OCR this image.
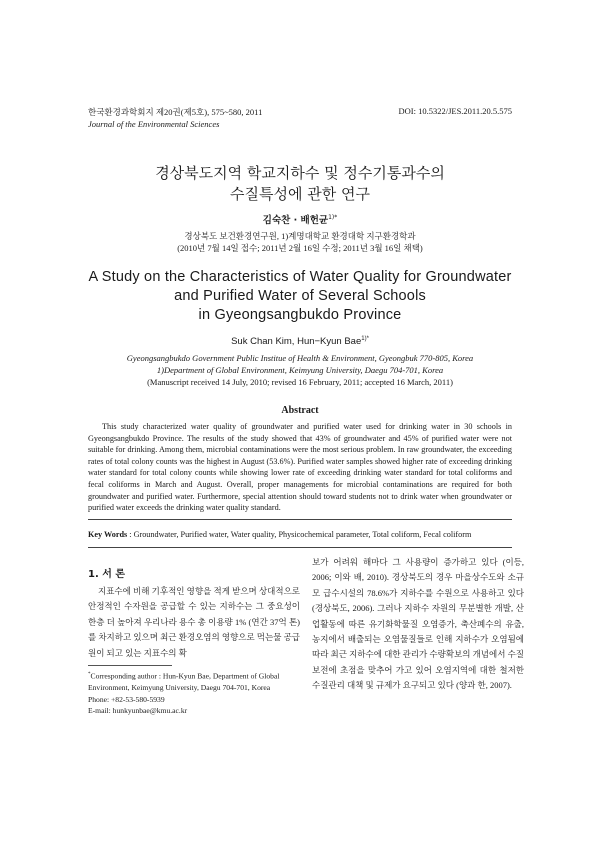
한국환경과학회지 제20권(제5호), 575~580, 2011
Journal of the Environmental Sciences
DOI: 10.5322/JES.2011.20.5.575
경상북도지역 학교지하수 및 정수기통과수의
수질특성에 관한 연구
김숙찬 · 배헌균$^{1)*}$
경상북도 보건환경연구원, 1)계명대학교 환경대학 지구환경학과
(2010년 7월 14일 접수; 2011년 2월 16일 수정; 2011년 3월 16일 채택)
A Study on the Characteristics of Water Quality for Groundwater
and Purified Water of Several Schools
in Gyeongsangbukdo Province
Suk Chan Kim, Hun−Kyun Bae$^{1)*}$
Gyeongsangbukdo Government Public Institue of Health & Environment, Gyeongbuk 770-805, Korea
1)Department of Global Environment, Keimyung University, Daegu 704-701, Korea
(Manuscript received 14 July, 2010; revised 16 February, 2011; accepted 16 March, 2011)
Abstract
This study characterized water quality of groundwater and purified water used for drinking water in 30 schools in Gyeongsangbukdo Province. The results of the study showed that 43% of groundwater and 45% of purified water were not suitable for drinking. Among them, microbial contaminations were the most serious problem. In raw groundwater, the exceeding rates of total colony counts was the highest in August (53.6%). Purified water samples showed higher rate of exceeding drinking water standard for total colony counts while showing lower rate of exceeding drinking water standard for total coliforms and fecal coliforms in March and August. Overall, proper managements for microbial contaminations are required for both groundwater and purified water. Furthermore, special attention should toward students not to drink water when groundwater or purified water exceeds the drinking water quality standard.
Key Words : Groundwater, Purified water, Water quality, Physicochemical parameter, Total coliform, Fecal coliform
1. 서 론
지표수에 비해 기후적인 영향을 적게 받으며 상대적으로 안정적인 수자원을 공급할 수 있는 지하수는 그 중요성이 한층 더 높아져 우리나라 용수 총 이용량 1% (연간 37억 톤)를 차지하고 있으며 최근 환경오염의 영향으로 먹는물 공급원이 되고 있는 지표수의 확
보가 어려워 해마다 그 사용량이 증가하고 있다 (이등, 2006; 이와 배, 2010). 경상북도의 경우 마을상수도와 소규모 급수시설의 78.6%가 지하수를 수원으로 사용하고 있다 (경상북도, 2006). 그러나 지하수 자원의 무분별한 개발, 산업활동에 따른 유기화학물질 오염증가, 축산폐수의 유출, 농지에서 배출되는 오염물질들로 인해 지하수가 오염됨에 따라 최근 지하수에 대한 관리가 수량확보의 개념에서 수질보전에 초점을 맞추어 가고 있어 오염지역에 대한 철저한 수질관리 대책 및 규제가 요구되고 있다 (양과 한, 2007).
*Corresponding author : Hun-Kyun Bae, Department of Global Environment, Keimyung University, Daegu 704-701, Korea
Phone: +82-53-580-5939
E-mail: hunkyunbae@kmu.ac.kr
